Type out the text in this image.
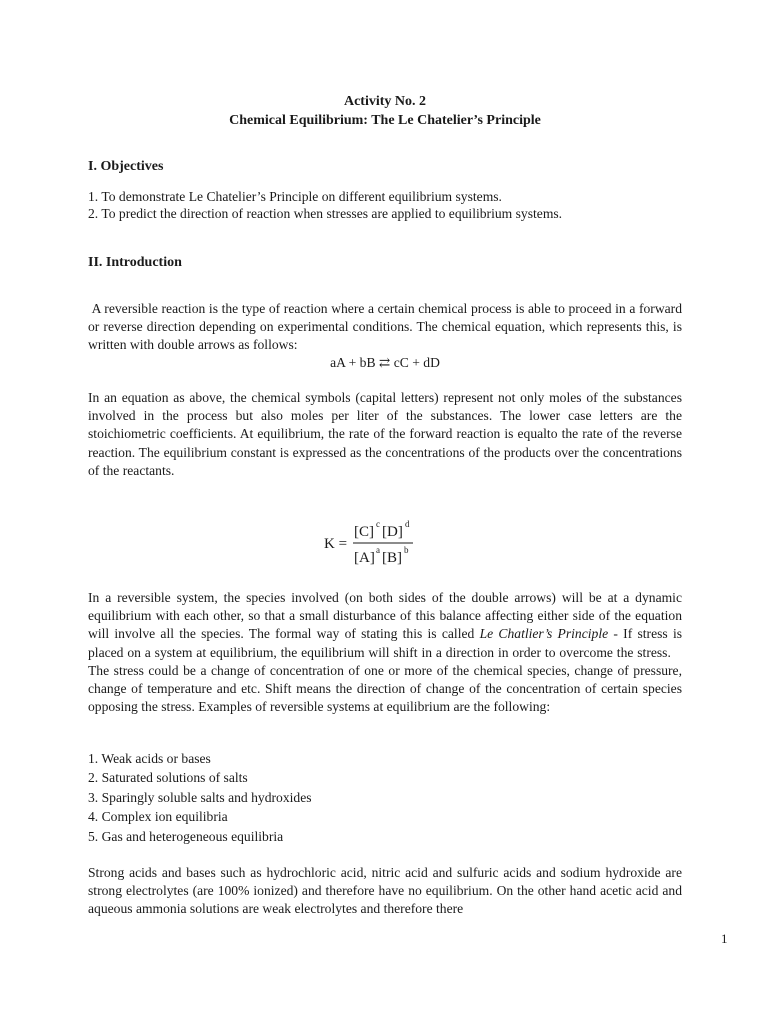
Activity No. 2
Chemical Equilibrium: The Le Chatelier’s Principle
I. Objectives
1. To demonstrate Le Chatelier’s Principle on different equilibrium systems.
2. To predict the direction of reaction when stresses are applied to equilibrium systems.
II. Introduction
A reversible reaction is the type of reaction where a certain chemical process is able to proceed in a forward or reverse direction depending on experimental conditions. The chemical equation, which represents this, is written with double arrows as follows:
aA + bB ⇄ cC + dD
In an equation as above, the chemical symbols (capital letters) represent not only moles of the substances involved in the process but also moles per liter of the substances. The lower case letters are the stoichiometric coefficients. At equilibrium, the rate of the forward reaction is equalto the rate of the reverse reaction. The equilibrium constant is expressed as the concentrations of the products over the concentrations of the reactants.
K =
[C] c [D] d
[A] a [B] b
In a reversible system, the species involved (on both sides of the double arrows) will be at a dynamic equilibrium with each other, so that a small disturbance of this balance affecting either side of the equation will involve all the species. The formal way of stating this is called Le Chatlier’s Principle - If stress is placed on a system at equilibrium, the equilibrium will shift in a direction in order to overcome the stress.    The stress could be a change of concentration of one or more of the chemical species, change of pressure, change of temperature and etc. Shift means the direction of change of the concentration of certain species opposing the stress. Examples of reversible systems at equilibrium are the following:
1. Weak acids or bases
2. Saturated solutions of salts
3. Sparingly soluble salts and hydroxides
4. Complex ion equilibria
5. Gas and heterogeneous equilibria
Strong acids and bases such as hydrochloric acid, nitric acid and sulfuric acids and sodium hydroxide are strong electrolytes (are 100% ionized) and therefore have no equilibrium. On the other hand acetic acid and aqueous ammonia solutions are weak electrolytes and therefore there
1
